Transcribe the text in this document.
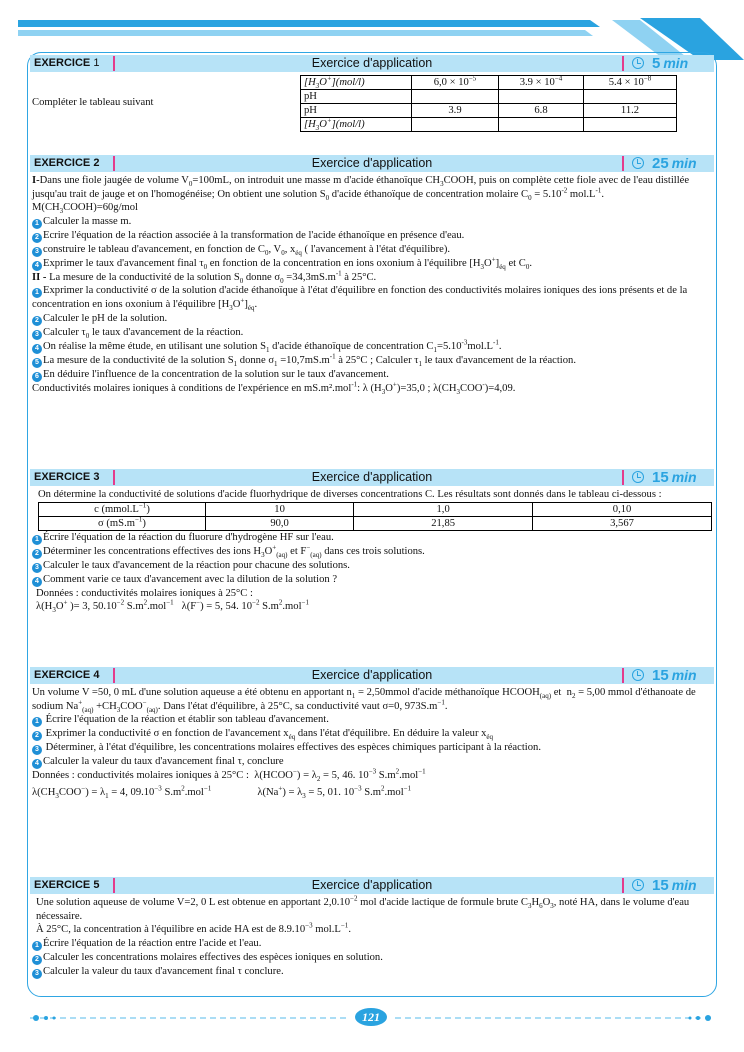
EXERCICE 1	Exercice d'application	5 min

Compléter le tableau suivant

$[H_3O^+](mol/l)$	$6,0 \times 10^{-5}$	$3.9 \times 10^{-4}$	$5.4 \times 10^{-8}$
pH			
pH	3.9	6.8	11.2
$[H_3O^+](mol/l)$			
EXERCICE 2	Exercice d'application	25 min

I-Dans une fiole jaugée de volume $V_0=100mL$, on introduit une masse m d'acide éthanoïque $CH_3COOH$, puis on complète cette fiole avec de l'eau distillée jusqu'au trait de jauge et on l'homogénéise; On obtient une solution $S_0$ d'acide éthanoïque de concentration molaire $C_0 = 5.10^{-2}$ $mol.L^{-1}$. $M(CH_3COOH)=60g$/mol

1 Calculer la masse m.

2 Ecrire l'équation de la réaction associée à la transformation de l'acide éthanoïque en présence d'eau.

3 construire le tableau d'avancement, en fonction de $C_0$, $V_0$, $x_{éq}$ ( l'avancement à l'état d'équilibre).

4 Exprimer le taux d'avancement final $\tau_0$ en fonction de la concentration en ions oxonium à l'équilibre $[H_3O^+]_{éq}$ et $C_0$.

II - La mesure de la conductivité de la solution $S_0$ donne $\sigma_0 =34,3mS.m^{-1}$ à 25°C.

1 Exprimer la conductivité σ de la solution d'acide éthanoïque à l'état d'équilibre en fonction des conductivités molaires ioniques des ions présents et de la concentration en ions oxonium à l'équilibre $[H_3O^+]_{éq}$.

2 Calculer le pH de la solution.

3 Calculer $\tau_0$ le taux d'avancement de la réaction.

4 On réalise la même étude, en utilisant une solution $S_1$ d'acide éthanoïque de concentration $C_1=5.10^{-3}mol.L^{-1}$.

5 La mesure de la conductivité de la solution $S_1$ donne $\sigma_1 =10,7mS.m^{-1}$ à 25°C ; Calculer $\tau_1$ le taux d'avancement de la réaction.

6 En déduire l'influence de la concentration de la solution sur le taux d'avancement.

Conductivités molaires ioniques à conditions de l'expérience en mS.m².mol$^{-1}$: λ $(H_3O^+)=35,0$ ; $\lambda(CH_3COO^-)=4,09$.

EXERCICE 3	Exercice d'application	15 min

On détermine la conductivité de solutions d'acide fluorhydrique de diverses concentrations C. Les résultats sont donnés dans le tableau ci-dessous :

c $(mmol.L^{-1})$	10	1,0	0,10
σ $(mS.m^{-1})$	90,0	21,85	3,567

1 Écrire l'équation de la réaction du fluorure d'hydrogène HF sur l'eau.

2 Déterminer les concentrations effectives des ions $H_3O^+_{(aq)}$ et $F^-_{(aq)}$ dans ces trois solutions.

3 Calculer le taux d'avancement de la réaction pour chacune des solutions.

4 Comment varie ce taux d'avancement avec la dilution de la solution ?

Données : conductivités molaires ioniques à 25°C :

$\lambda(H_3O^+$ )= 3, $50.10^{-2}$ $S.m^2.mol^{-1}$   λ(F−) = 5, 54. $10^{-2}$ $S.m^2.mol^{-1}$

EXERCICE 4	Exercice d'application	15 min

Un volume V =50, 0 mL d'une solution aqueuse a été obtenu en apportant $n_1$ = 2,50mmol d'acide méthanoïque $HCOOH_{(aq)}$ et  $n_2 = 5,00$ mmol d'éthanoate de sodium $Na^+_{(aq)} +CH_3COO^-_{(aq)}$. Dans l'état d'équilibre, à 25°C, sa conductivité vaut σ=0, $973S.m^{-1}$.

1 Écrire l'équation de la réaction et établir son tableau d'avancement.

2 Exprimer la conductivité σ en fonction de l'avancement $x_{éq}$ dans l'état d'équilibre. En déduire la valeur $x_{éq}$

3 Déterminer, à l'état d'équilibre, les concentrations molaires effectives des espèces chimiques participant à la réaction.

4 Calculer la valeur du taux d'avancement final τ, conclure

Données : conductivités molaires ioniques à 25°C :  λ(HCOO−) = $\lambda_2 = 5$, 46. $10^{-3}$ $S.m^2.mol^{-1}$

$\lambda(CH_3COO^-) = \lambda_1 = 4$, $09.10^{-3}$ $S.m^2.mol^{-1}$	$\lambda(Na^+) = \lambda_3 = 5$, 01. $10^{-3}$ $S.m^2.mol^{-1}$

EXERCICE 5	Exercice d'application	15 min

Une solution aqueuse de volume V=2, 0 L est obtenue en apportant $2,0.10^{-2}$ mol d'acide lactique de formule brute $C_3H_6O_3$, noté HA, dans le volume d'eau nécessaire.

À 25°C, la concentration à l'équilibre en acide HA est de $8.9.10^{-3}$ $mol.L^{-1}$.

1 Écrire l'équation de la réaction entre l'acide et l'eau.

2 Calculer les concentrations molaires effectives des espèces ioniques en solution.

3 Calculer la valeur du taux d'avancement final τ conclure.

121
